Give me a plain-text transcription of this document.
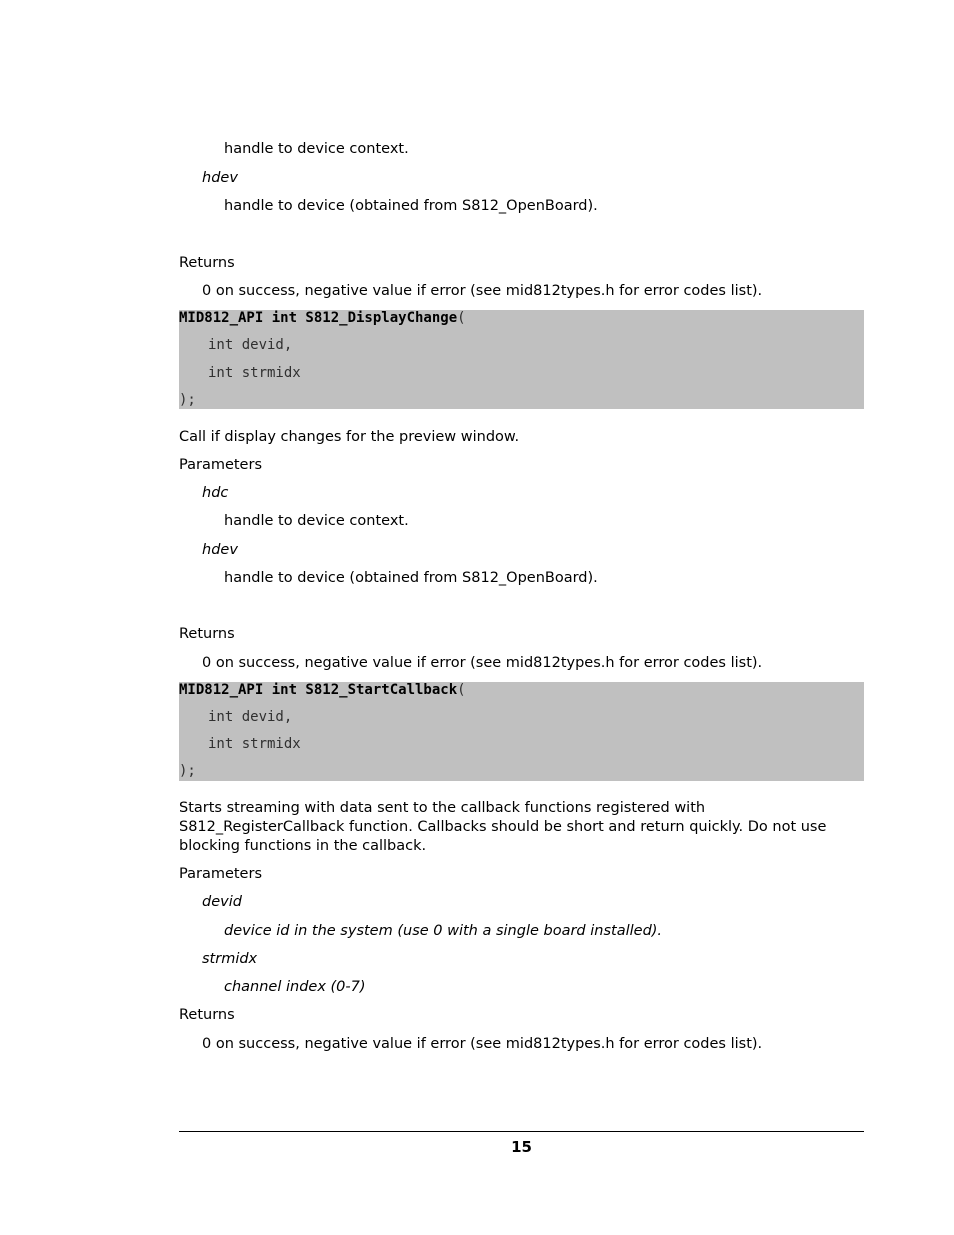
handle to device context.
hdev
handle to device (obtained from S812_OpenBoard).
Returns
0 on success, negative value if error (see mid812types.h for error codes list).
MID812_API int S812_DisplayChange(
int devid,
int strmidx
);
Call if display changes for the preview window.
Parameters
hdc
handle to device context.
hdev
handle to device (obtained from S812_OpenBoard).
Returns
0 on success, negative value if error (see mid812types.h for error codes list).
MID812_API int S812_StartCallback(
int devid,
int strmidx
);
Starts streaming with data sent to the callback functions registered with S812_RegisterCallback function. Callbacks should be short and return quickly. Do not use blocking functions in the callback.
Parameters
devid
device id in the system (use 0 with a single board installed).
strmidx
channel index (0-7)
Returns
0 on success, negative value if error (see mid812types.h for error codes list).
15
